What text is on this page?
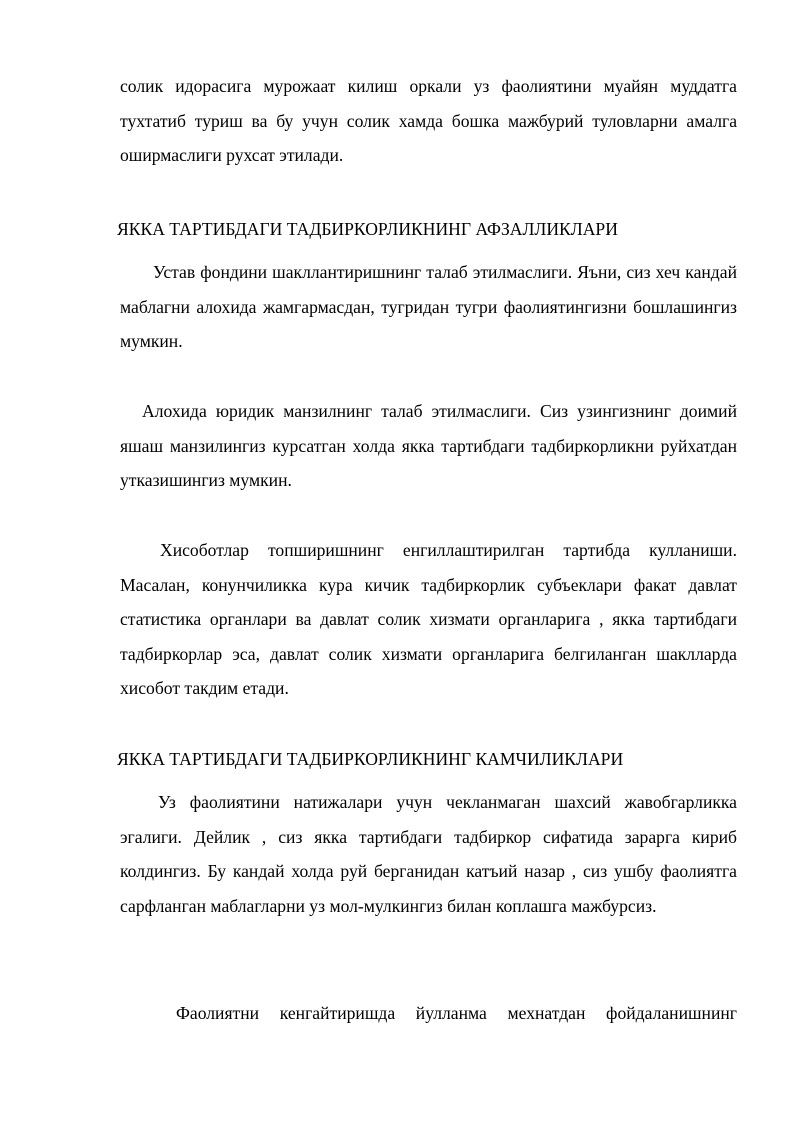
солик идорасига мурожаат килиш оркали уз фаолиятини муайян муддатга тухтатиб туриш ва бу учун солик хамда бошка мажбурий туловларни амалга оширмаслиги рухсат этилади.

ЯККА ТАРТИБДАГИ ТАДБИРКОРЛИКНИНГ АФЗАЛЛИКЛАРИ

Устав фондини шакллантиришнинг талаб этилмаслиги. Яъни, сиз хеч кандай маблагни алохида жамгармасдан, тугридан тугри фаолиятингизни бошлашингиз мумкин.

Алохида юридик манзилнинг талаб этилмаслиги. Сиз узингизнинг доимий яшаш манзилингиз курсатган холда якка тартибдаги тадбиркорликни руйхатдан утказишингиз мумкин.

Хисоботлар топширишнинг енгиллаштирилган тартибда кулланиши. Масалан, конунчиликка кура кичик тадбиркорлик субъеклари факат давлат статистика органлари ва давлат солик хизмати органларига , якка тартибдаги тадбиркорлар эса, давлат солик хизмати органларига белгиланган шаклларда хисобот такдим етади.

ЯККА ТАРТИБДАГИ ТАДБИРКОРЛИКНИНГ КАМЧИЛИКЛАРИ

Уз фаолиятини натижалари учун чекланмаган шахсий жавобгарликка эгалиги. Дейлик , сиз якка тартибдаги тадбиркор сифатида зарарга кириб колдингиз. Бу кандай холда руй берганидан катъий назар , сиз ушбу фаолиятга сарфланган маблагларни уз мол-мулкингиз билан коплашга мажбурсиз.

Фаолиятни кенгайтиришда йулланма мехнатдан фойдаланишнинг
